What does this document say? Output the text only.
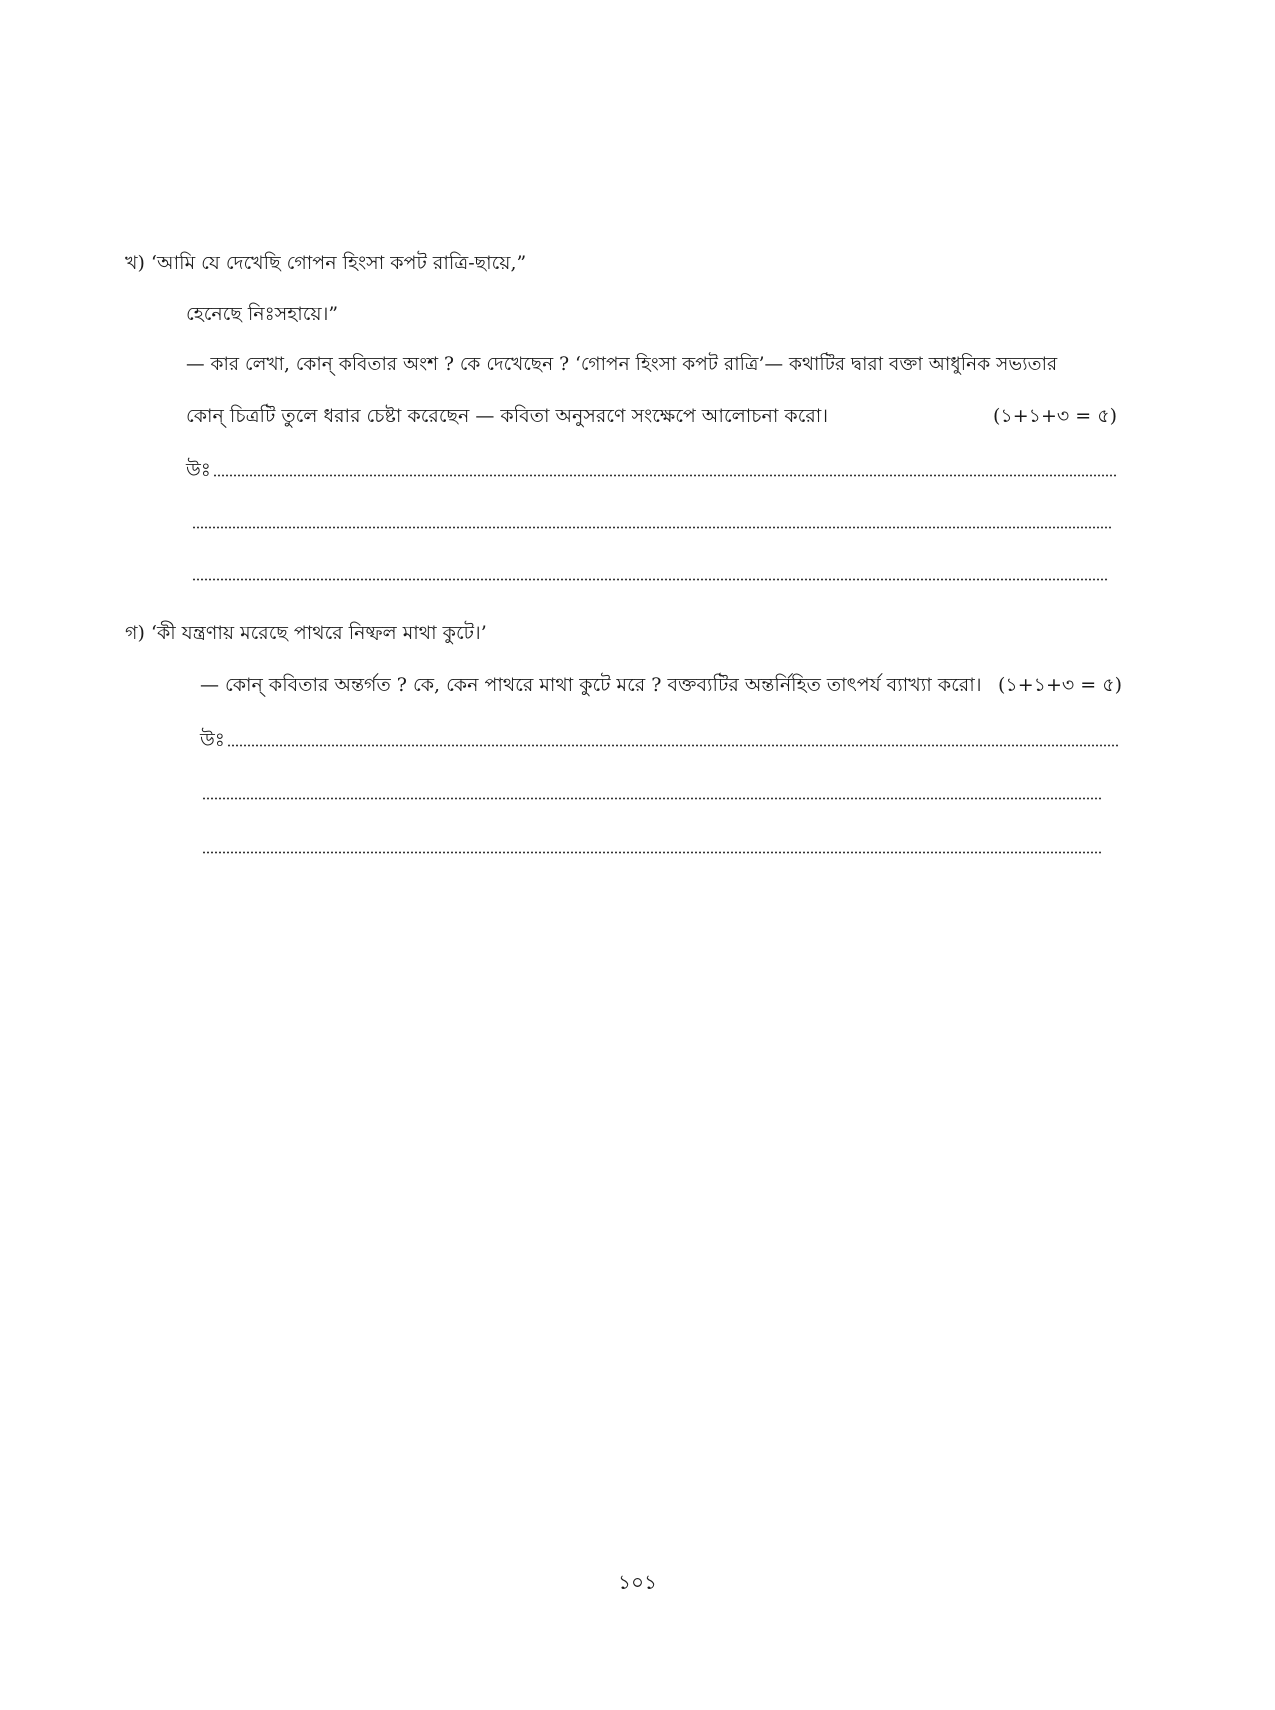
খ) ‘আমি যে দেখেছি গোপন হিংসা কপট রাত্রি-ছায়ে,”
হেনেছে নিঃসহায়ে।”
— কার লেখা, কোন্ কবিতার অংশ ? কে দেখেছেন ? ‘গোপন হিংসা কপট রাত্রি’— কথাটির দ্বারা বক্তা আধুনিক সভ্যতার
কোন্ চিত্রটি তুলে ধরার চেষ্টা করেছেন — কবিতা অনুসরণে সংক্ষেপে আলোচনা করো।	(১+১+৩ = ৫)
উঃ
গ) ‘কী যন্ত্রণায় মরেছে পাথরে নিষ্ফল মাথা কুটে।’
— কোন্ কবিতার অন্তর্গত ? কে, কেন পাথরে মাথা কুটে মরে ? বক্তব্যটির অন্তর্নিহিত তাৎপর্য ব্যাখ্যা করো। (১+১+৩ = ৫)
উঃ
১০১
